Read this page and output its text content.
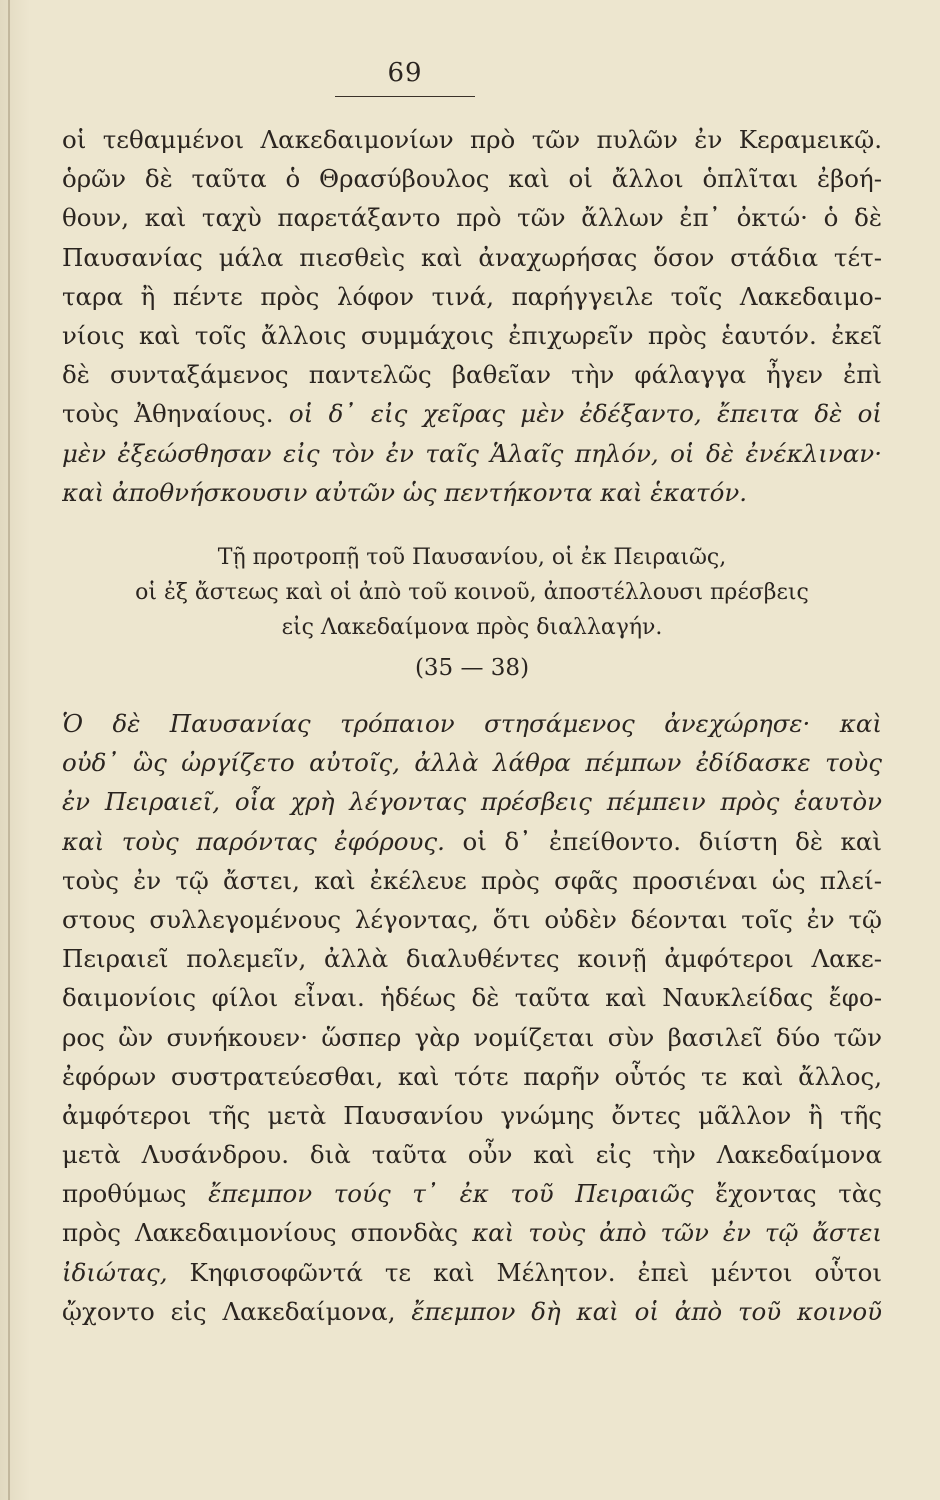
69
οἱ τεθαμμένοι Λακεδαιμονίων πρὸ τῶν πυλῶν ἐν Κεραμεικῷ.
ὁρῶν δὲ ταῦτα ὁ Θρασύβουλος καὶ οἱ ἄλλοι ὁπλῖται ἐβοή-
θουν, καὶ ταχὺ παρετάξαντο πρὸ τῶν ἄλλων ἐπ᾽ ὀκτώ· ὁ δὲ
Παυσανίας μάλα πιεσθεὶς καὶ ἀναχωρήσας ὅσον στάδια τέτ-
ταρα ἢ πέντε πρὸς λόφον τινά, παρήγγειλε τοῖς Λακεδαιμο-
νίοις καὶ τοῖς ἄλλοις συμμάχοις ἐπιχωρεῖν πρὸς ἑαυτόν. ἐκεῖ
δὲ συνταξάμενος παντελῶς βαθεῖαν τὴν φάλαγγα ἦγεν ἐπὶ
τοὺς Ἀθηναίους. οἱ δ᾽ εἰς χεῖρας μὲν ἐδέξαντο, ἔπειτα δὲ οἱ
μὲν ἐξεώσθησαν εἰς τὸν ἐν ταῖς Ἁλαῖς πηλόν, οἱ δὲ ἐνέκλιναν·
καὶ ἀποθνήσκουσιν αὐτῶν ὡς πεντήκοντα καὶ ἑκατόν.
Τῇ προτροπῇ τοῦ Παυσανίου, οἱ ἐκ Πειραιῶς,
οἱ ἐξ ἄστεως καὶ οἱ ἀπὸ τοῦ κοινοῦ, ἀποστέλλουσι πρέσβεις
εἰς Λακεδαίμονα πρὸς διαλλαγήν.
(35 — 38)
Ὁ δὲ Παυσανίας τρόπαιον στησάμενος ἀνεχώρησε· καὶ
οὐδ᾽ ὣς ὠργίζετο αὐτοῖς, ἀλλὰ λάθρα πέμπων ἐδίδασκε τοὺς
ἐν Πειραιεῖ, οἷα χρὴ λέγοντας πρέσβεις πέμπειν πρὸς ἑαυτὸν
καὶ τοὺς παρόντας ἐφόρους. οἱ δ᾽ ἐπείθοντο. διίστη δὲ καὶ
τοὺς ἐν τῷ ἄστει, καὶ ἐκέλευε πρὸς σφᾶς προσιέναι ὡς πλεί-
στους συλλεγομένους λέγοντας, ὅτι οὐδὲν δέονται τοῖς ἐν τῷ
Πειραιεῖ πολεμεῖν, ἀλλὰ διαλυθέντες κοινῇ ἀμφότεροι Λακε-
δαιμονίοις φίλοι εἶναι. ἡδέως δὲ ταῦτα καὶ Ναυκλείδας ἔφο-
ρος ὢν συνήκουεν· ὥσπερ γὰρ νομίζεται σὺν βασιλεῖ δύο τῶν
ἐφόρων συστρατεύεσθαι, καὶ τότε παρῆν οὗτός τε καὶ ἄλλος,
ἀμφότεροι τῆς μετὰ Παυσανίου γνώμης ὄντες μᾶλλον ἢ τῆς
μετὰ Λυσάνδρου. διὰ ταῦτα οὖν καὶ εἰς τὴν Λακεδαίμονα
προθύμως ἔπεμπον τούς τ᾽ ἐκ τοῦ Πειραιῶς ἔχοντας τὰς
πρὸς Λακεδαιμονίους σπονδὰς καὶ τοὺς ἀπὸ τῶν ἐν τῷ ἄστει
ἰδιώτας, Κηφισοφῶντά τε καὶ Μέλητον. ἐπεὶ μέντοι οὗτοι
ᾤχοντο εἰς Λακεδαίμονα, ἔπεμπον δὴ καὶ οἱ ἀπὸ τοῦ κοινοῦ
